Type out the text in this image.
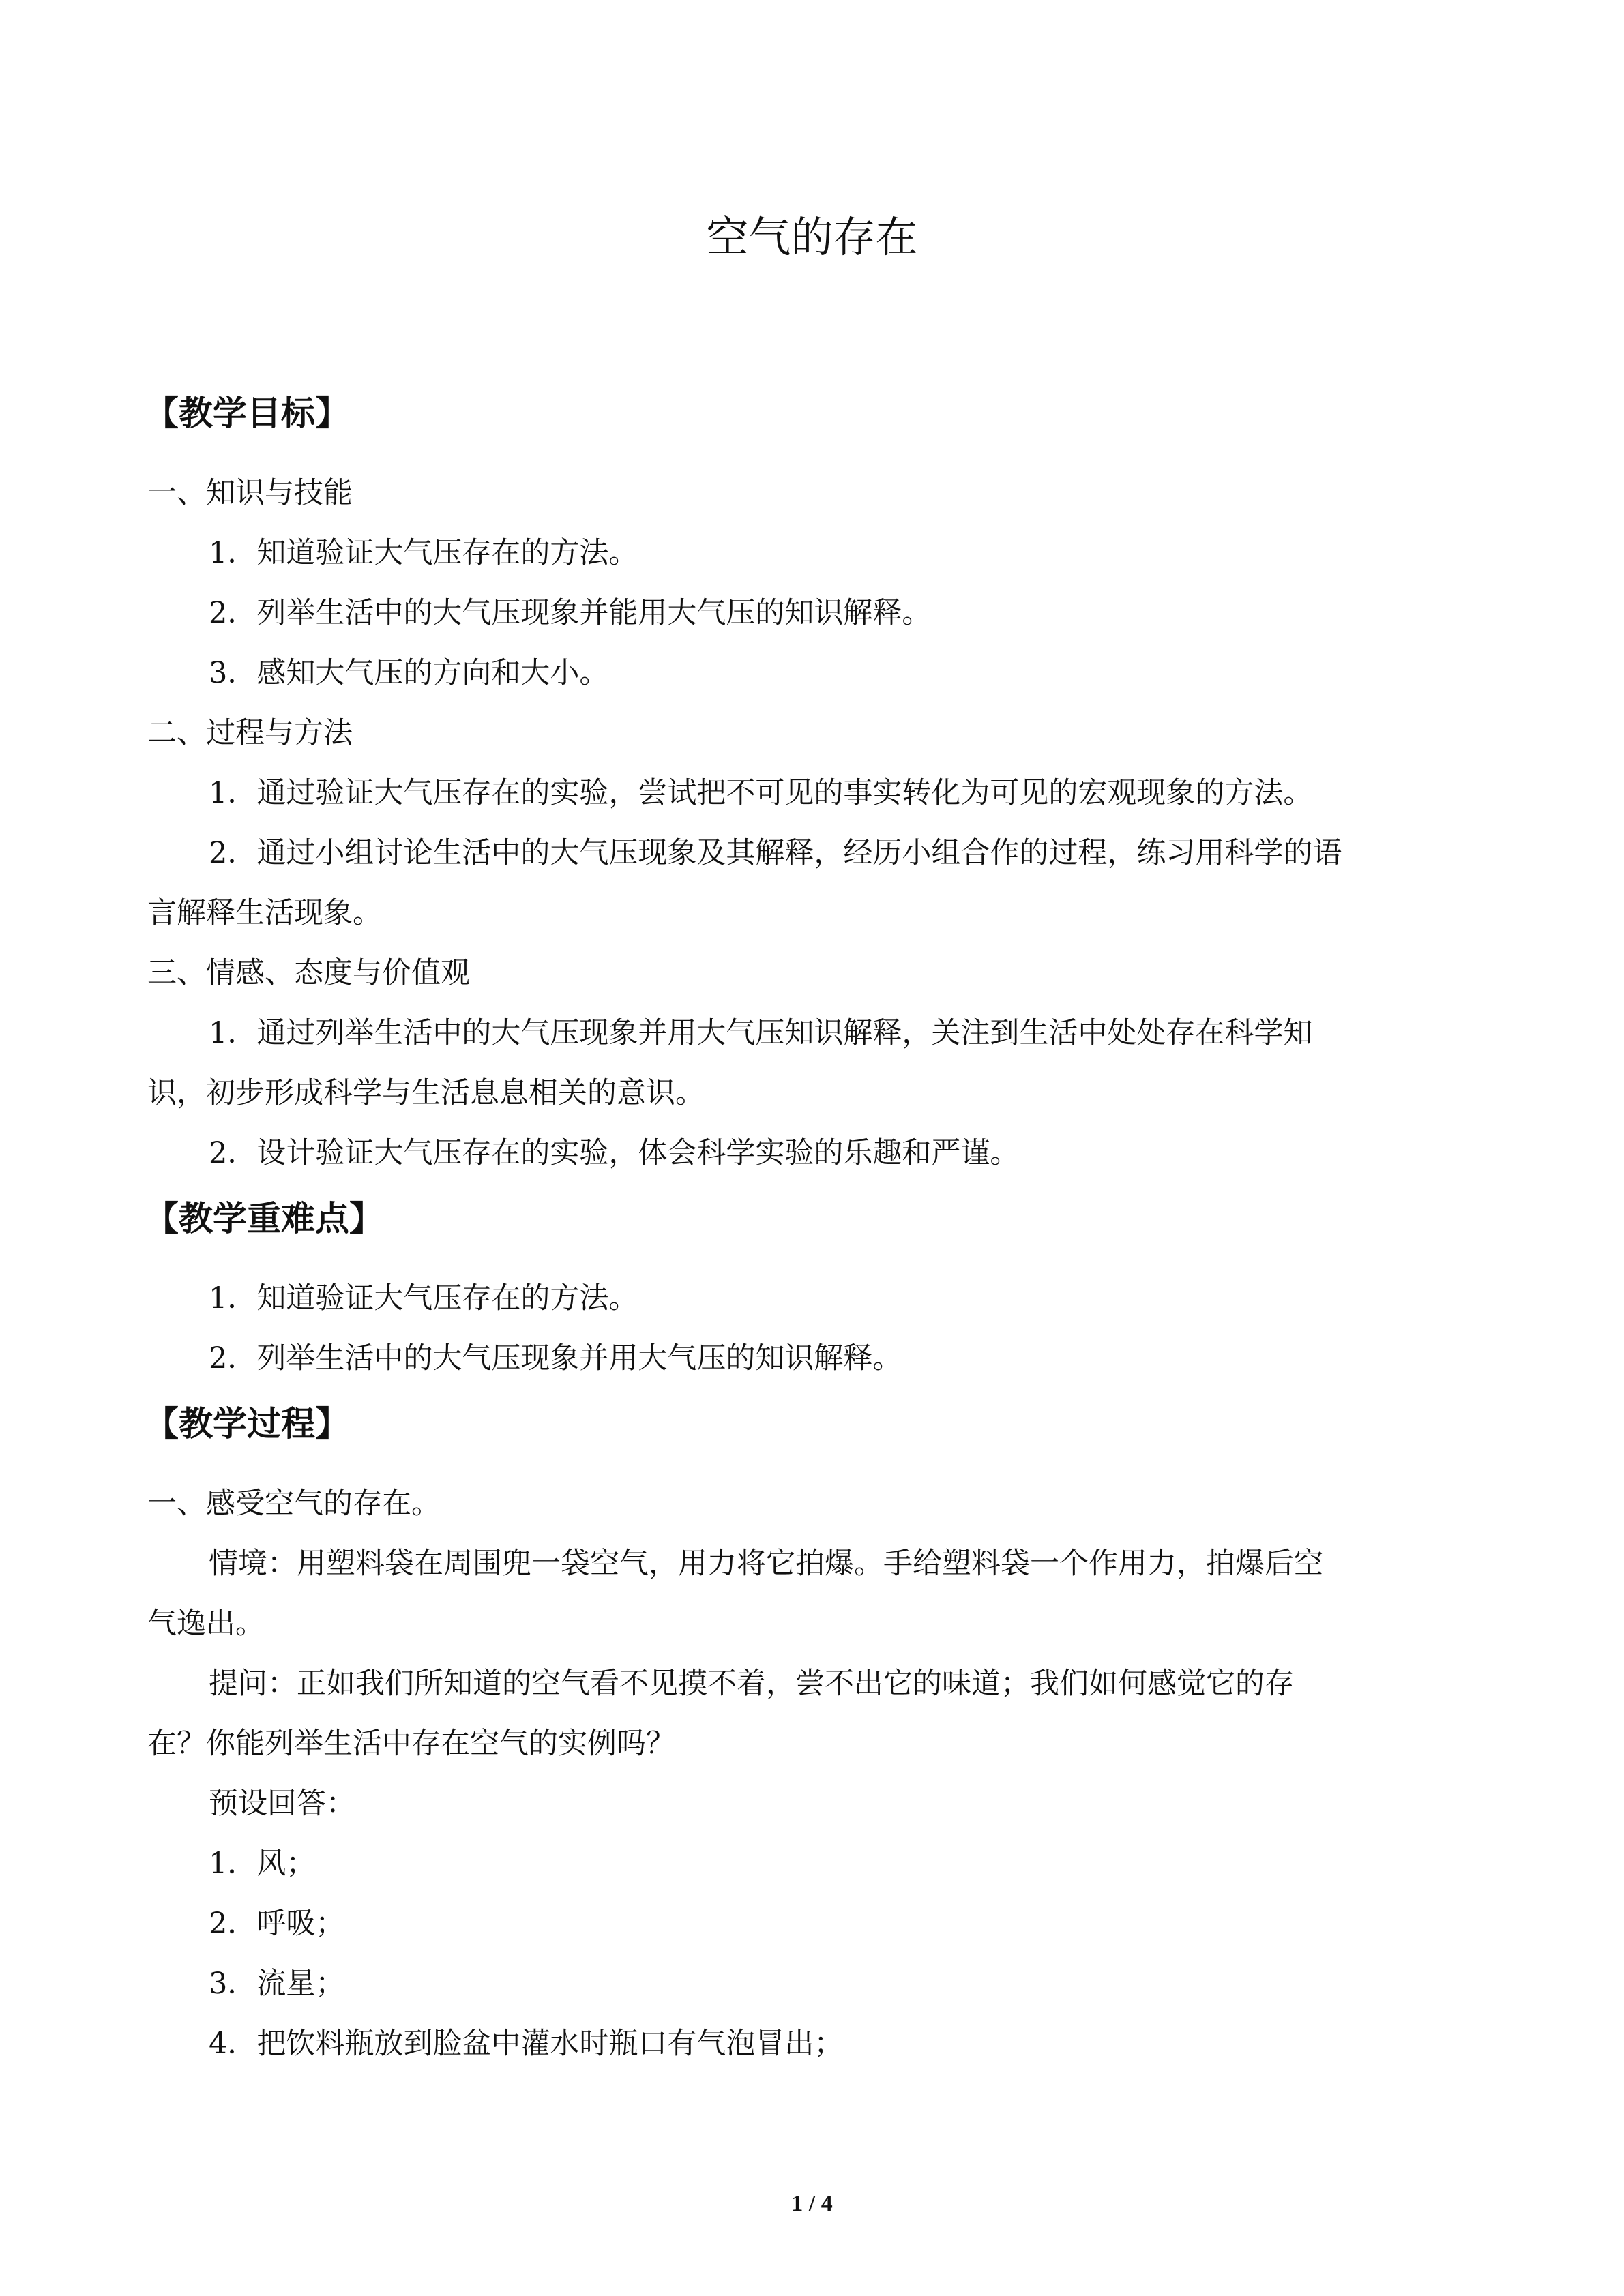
空气的存在
【教学目标】
一、知识与技能
1．知道验证大气压存在的方法。
2．列举生活中的大气压现象并能用大气压的知识解释。
3．感知大气压的方向和大小。
二、过程与方法
1．通过验证大气压存在的实验，尝试把不可见的事实转化为可见的宏观现象的方法。
2．通过小组讨论生活中的大气压现象及其解释，经历小组合作的过程，练习用科学的语
言解释生活现象。
三、情感、态度与价值观
1．通过列举生活中的大气压现象并用大气压知识解释，关注到生活中处处存在科学知
识，初步形成科学与生活息息相关的意识。
2．设计验证大气压存在的实验，体会科学实验的乐趣和严谨。
【教学重难点】
1．知道验证大气压存在的方法。
2．列举生活中的大气压现象并用大气压的知识解释。
【教学过程】
一、感受空气的存在。
情境：用塑料袋在周围兜一袋空气，用力将它拍爆。手给塑料袋一个作用力，拍爆后空
气逸出。
提问：正如我们所知道的空气看不见摸不着，尝不出它的味道；我们如何感觉它的存
在？你能列举生活中存在空气的实例吗？
预设回答：
1．风；
2．呼吸；
3．流星；
4．把饮料瓶放到脸盆中灌水时瓶口有气泡冒出；
1 / 4
